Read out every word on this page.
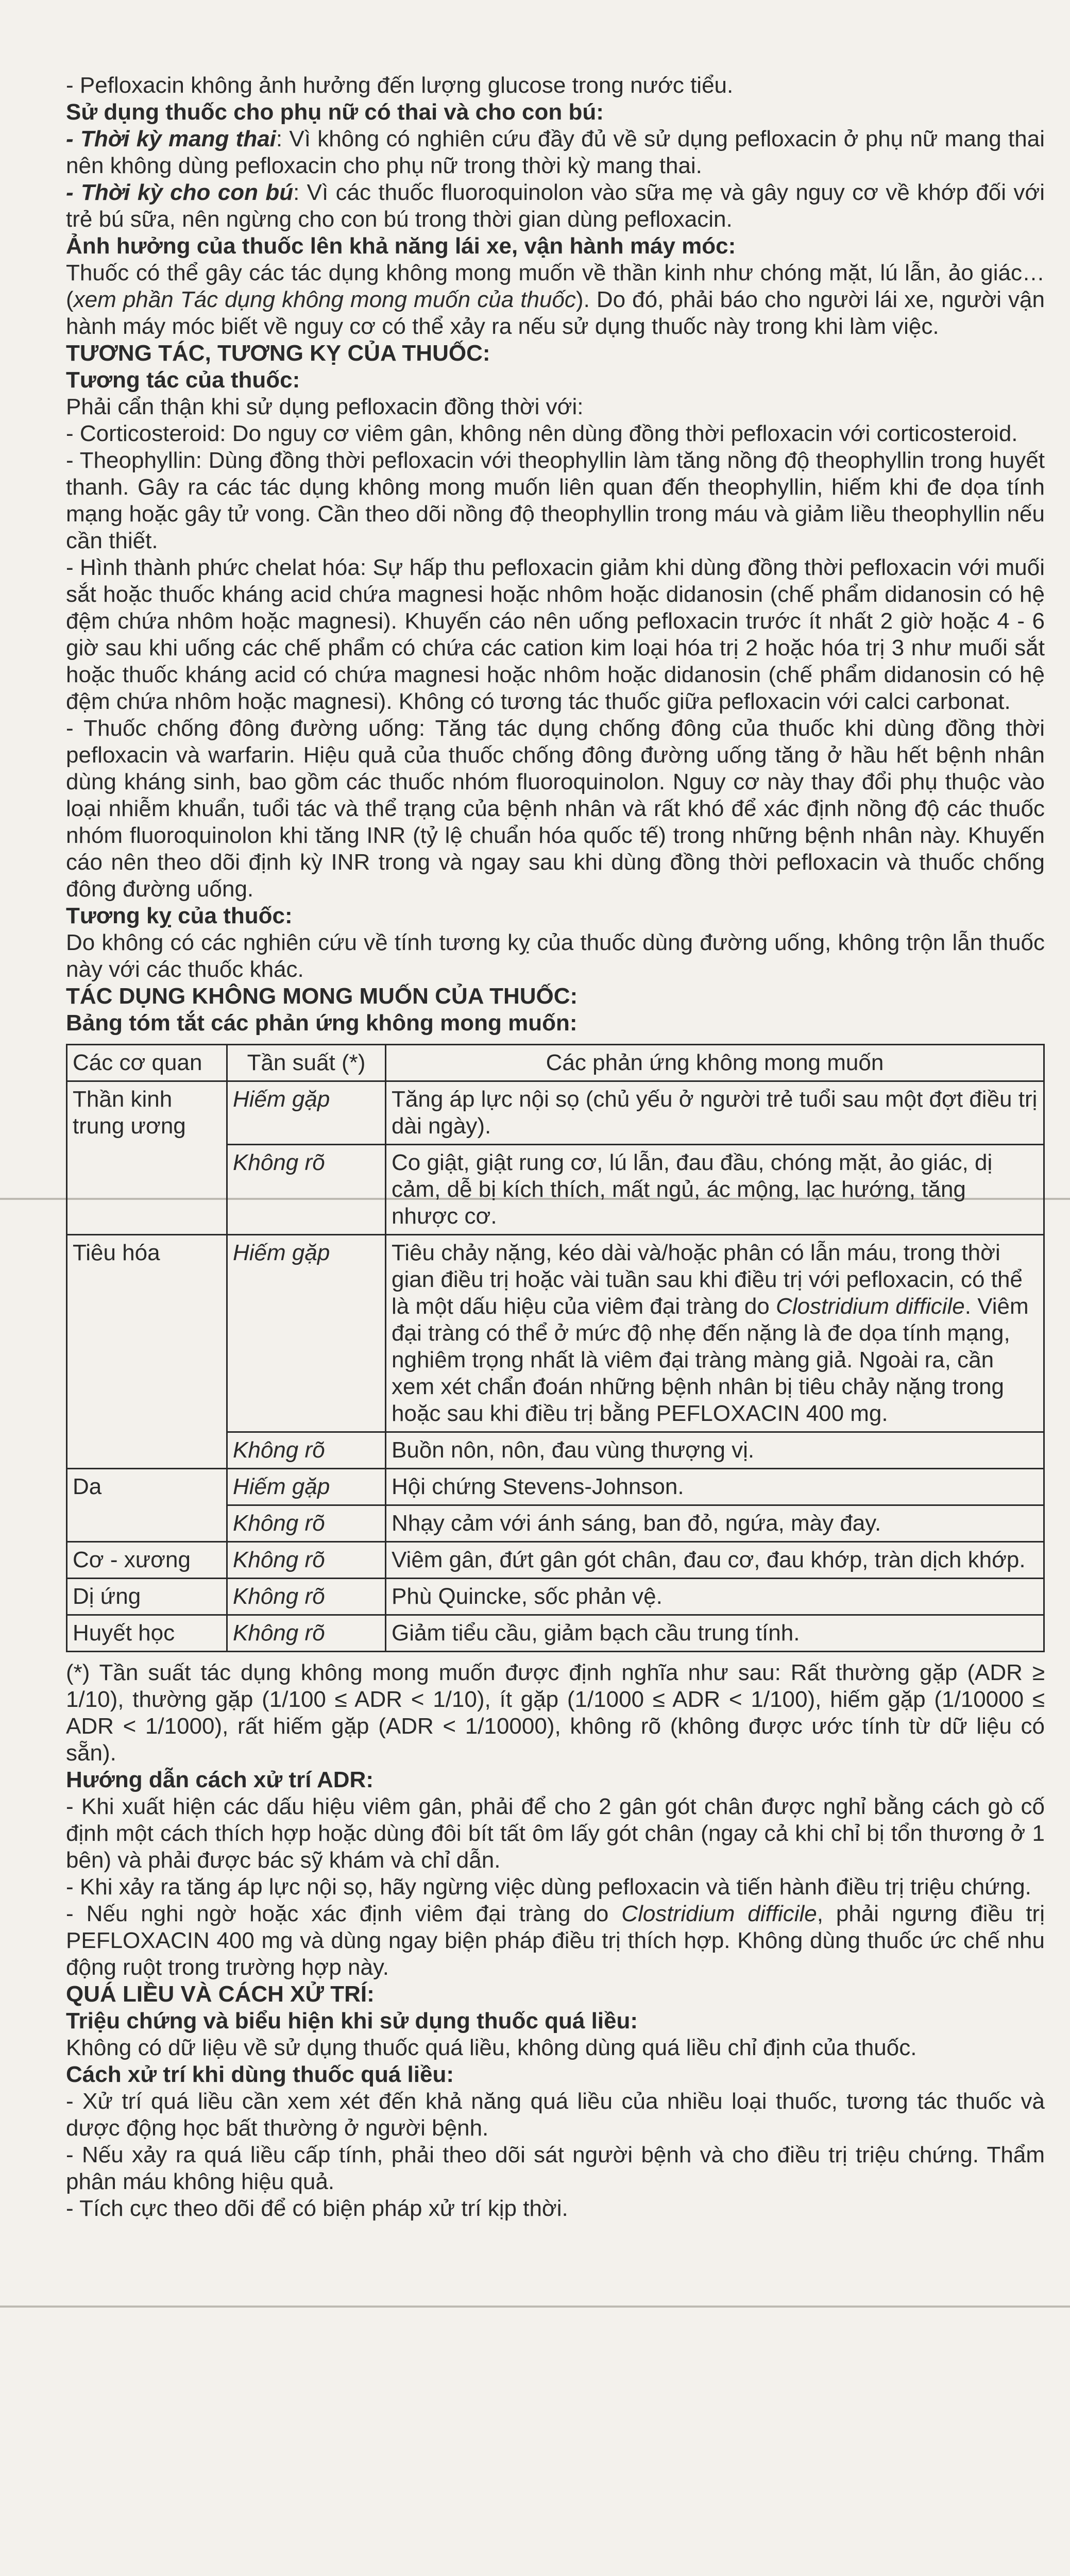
- Pefloxacin không ảnh hưởng đến lượng glucose trong nước tiểu.

Sử dụng thuốc cho phụ nữ có thai và cho con bú:

- Thời kỳ mang thai: Vì không có nghiên cứu đầy đủ về sử dụng pefloxacin ở phụ nữ mang thai nên không dùng pefloxacin cho phụ nữ trong thời kỳ mang thai.

- Thời kỳ cho con bú: Vì các thuốc fluoroquinolon vào sữa mẹ và gây nguy cơ về khớp đối với trẻ bú sữa, nên ngừng cho con bú trong thời gian dùng pefloxacin.

Ảnh hưởng của thuốc lên khả năng lái xe, vận hành máy móc:

Thuốc có thể gây các tác dụng không mong muốn về thần kinh như chóng mặt, lú lẫn, ảo giác… (xem phần Tác dụng không mong muốn của thuốc). Do đó, phải báo cho người lái xe, người vận hành máy móc biết về nguy cơ có thể xảy ra nếu sử dụng thuốc này trong khi làm việc.

TƯƠNG TÁC, TƯƠNG KỴ CỦA THUỐC:

Tương tác của thuốc:

Phải cẩn thận khi sử dụng pefloxacin đồng thời với:

- Corticosteroid: Do nguy cơ viêm gân, không nên dùng đồng thời pefloxacin với corticosteroid.

- Theophyllin: Dùng đồng thời pefloxacin với theophyllin làm tăng nồng độ theophyllin trong huyết thanh. Gây ra các tác dụng không mong muốn liên quan đến theophyllin, hiếm khi đe dọa tính mạng hoặc gây tử vong. Cần theo dõi nồng độ theophyllin trong máu và giảm liều theophyllin nếu cần thiết.

- Hình thành phức chelat hóa: Sự hấp thu pefloxacin giảm khi dùng đồng thời pefloxacin với muối sắt hoặc thuốc kháng acid chứa magnesi hoặc nhôm hoặc didanosin (chế phẩm didanosin có hệ đệm chứa nhôm hoặc magnesi). Khuyến cáo nên uống pefloxacin trước ít nhất 2 giờ hoặc 4 - 6 giờ sau khi uống các chế phẩm có chứa các cation kim loại hóa trị 2 hoặc hóa trị 3 như muối sắt hoặc thuốc kháng acid có chứa magnesi hoặc nhôm hoặc didanosin (chế phẩm didanosin có hệ đệm chứa nhôm hoặc magnesi). Không có tương tác thuốc giữa pefloxacin với calci carbonat.

- Thuốc chống đông đường uống: Tăng tác dụng chống đông của thuốc khi dùng đồng thời pefloxacin và warfarin. Hiệu quả của thuốc chống đông đường uống tăng ở hầu hết bệnh nhân dùng kháng sinh, bao gồm các thuốc nhóm fluoroquinolon. Nguy cơ này thay đổi phụ thuộc vào loại nhiễm khuẩn, tuổi tác và thể trạng của bệnh nhân và rất khó để xác định nồng độ các thuốc nhóm fluoroquinolon khi tăng INR (tỷ lệ chuẩn hóa quốc tế) trong những bệnh nhân này. Khuyến cáo nên theo dõi định kỳ INR trong và ngay sau khi dùng đồng thời pefloxacin và thuốc chống đông đường uống.

Tương kỵ của thuốc:

Do không có các nghiên cứu về tính tương kỵ của thuốc dùng đường uống, không trộn lẫn thuốc này với các thuốc khác.

TÁC DỤNG KHÔNG MONG MUỐN CỦA THUỐC:

Bảng tóm tắt các phản ứng không mong muốn:

Các cơ quan	Tần suất (*)	Các phản ứng không mong muốn
Thần kinh trung ương	Hiếm gặp	Tăng áp lực nội sọ (chủ yếu ở người trẻ tuổi sau một đợt điều trị dài ngày).
	Không rõ	Co giật, giật rung cơ, lú lẫn, đau đầu, chóng mặt, ảo giác, dị cảm, dễ bị kích thích, mất ngủ, ác mộng, lạc hướng, tăng nhược cơ.
Tiêu hóa	Hiếm gặp	Tiêu chảy nặng, kéo dài và/hoặc phân có lẫn máu, trong thời gian điều trị hoặc vài tuần sau khi điều trị với pefloxacin, có thể là một dấu hiệu của viêm đại tràng do Clostridium difficile. Viêm đại tràng có thể ở mức độ nhẹ đến nặng là đe dọa tính mạng, nghiêm trọng nhất là viêm đại tràng màng giả. Ngoài ra, cần xem xét chẩn đoán những bệnh nhân bị tiêu chảy nặng trong hoặc sau khi điều trị bằng PEFLOXACIN 400 mg.
	Không rõ	Buồn nôn, nôn, đau vùng thượng vị.
Da	Hiếm gặp	Hội chứng Stevens-Johnson.
	Không rõ	Nhạy cảm với ánh sáng, ban đỏ, ngứa, mày đay.
Cơ - xương	Không rõ	Viêm gân, đứt gân gót chân, đau cơ, đau khớp, tràn dịch khớp.
Dị ứng	Không rõ	Phù Quincke, sốc phản vệ.
Huyết học	Không rõ	Giảm tiểu cầu, giảm bạch cầu trung tính.

(*) Tần suất tác dụng không mong muốn được định nghĩa như sau: Rất thường gặp (ADR ≥ 1/10), thường gặp (1/100 ≤ ADR < 1/10), ít gặp (1/1000 ≤ ADR < 1/100), hiếm gặp (1/10000 ≤ ADR < 1/1000), rất hiếm gặp (ADR < 1/10000), không rõ (không được ước tính từ dữ liệu có sẵn).

Hướng dẫn cách xử trí ADR:

- Khi xuất hiện các dấu hiệu viêm gân, phải để cho 2 gân gót chân được nghỉ bằng cách gò cố định một cách thích hợp hoặc dùng đôi bít tất ôm lấy gót chân (ngay cả khi chỉ bị tổn thương ở 1 bên) và phải được bác sỹ khám và chỉ dẫn.

- Khi xảy ra tăng áp lực nội sọ, hãy ngừng việc dùng pefloxacin và tiến hành điều trị triệu chứng.

- Nếu nghi ngờ hoặc xác định viêm đại tràng do Clostridium difficile, phải ngưng điều trị PEFLOXACIN 400 mg và dùng ngay biện pháp điều trị thích hợp. Không dùng thuốc ức chế nhu động ruột trong trường hợp này.

QUÁ LIỀU VÀ CÁCH XỬ TRÍ:

Triệu chứng và biểu hiện khi sử dụng thuốc quá liều:

Không có dữ liệu về sử dụng thuốc quá liều, không dùng quá liều chỉ định của thuốc.

Cách xử trí khi dùng thuốc quá liều:

- Xử trí quá liều cần xem xét đến khả năng quá liều của nhiều loại thuốc, tương tác thuốc và dược động học bất thường ở người bệnh.

- Nếu xảy ra quá liều cấp tính, phải theo dõi sát người bệnh và cho điều trị triệu chứng. Thẩm phân máu không hiệu quả.

- Tích cực theo dõi để có biện pháp xử trí kịp thời.
